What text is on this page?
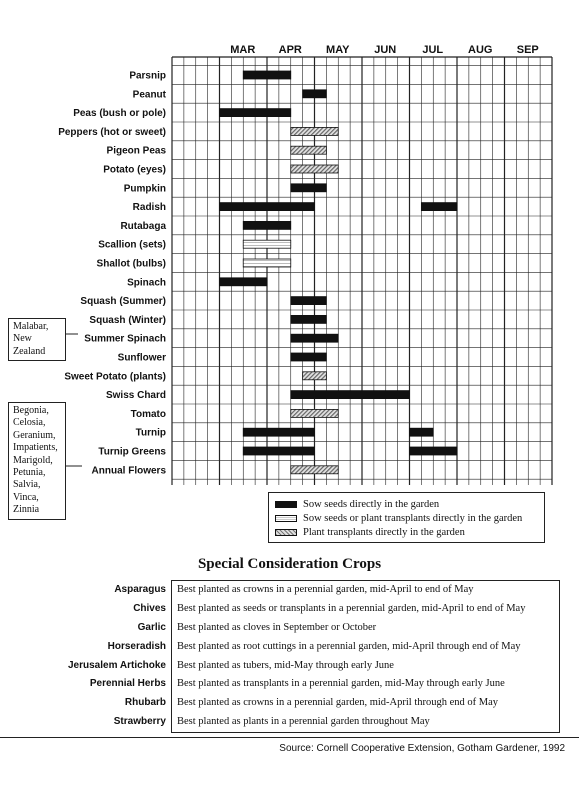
MAR APR MAY JUN JUL AUG SEP
Parsnip
Peanut
Peas (bush or pole)
Peppers (hot or sweet)
Pigeon Peas
Potato (eyes)
Pumpkin
Radish
Rutabaga
Scallion (sets)
Shallot (bulbs)
Spinach
Squash (Summer)
Squash (Winter)
Summer Spinach
Sunflower
Sweet Potato (plants)
Swiss Chard
Tomato
Turnip
Turnip Greens
Annual Flowers
Malabar,
New Zealand
Begonia,
Celosia,
Geranium,
Impatients,
Marigold,
Petunia,
Salvia,
Vinca,
Zinnia
Sow seeds directly in the garden
Sow seeds or plant transplants directly in the garden
Plant transplants directly in the garden
Special Consideration Crops
Asparagus
Chives
Garlic
Horseradish
Jerusalem Artichoke
Perennial Herbs
Rhubarb
Strawberry
Best planted as crowns in a perennial garden, mid-April to end of May
Best planted as seeds or transplants in a perennial garden, mid-April to end of May
Best planted as cloves in September or October
Best planted as root cuttings in a perennial garden, mid-April through end of May
Best planted as tubers, mid-May through early June
Best planted as transplants in a perennial garden, mid-May through early June
Best planted as crowns in a perennial garden, mid-April through end of May
Best planted as plants in a perennial garden throughout May
Source: Cornell Cooperative Extension, Gotham Gardener, 1992
